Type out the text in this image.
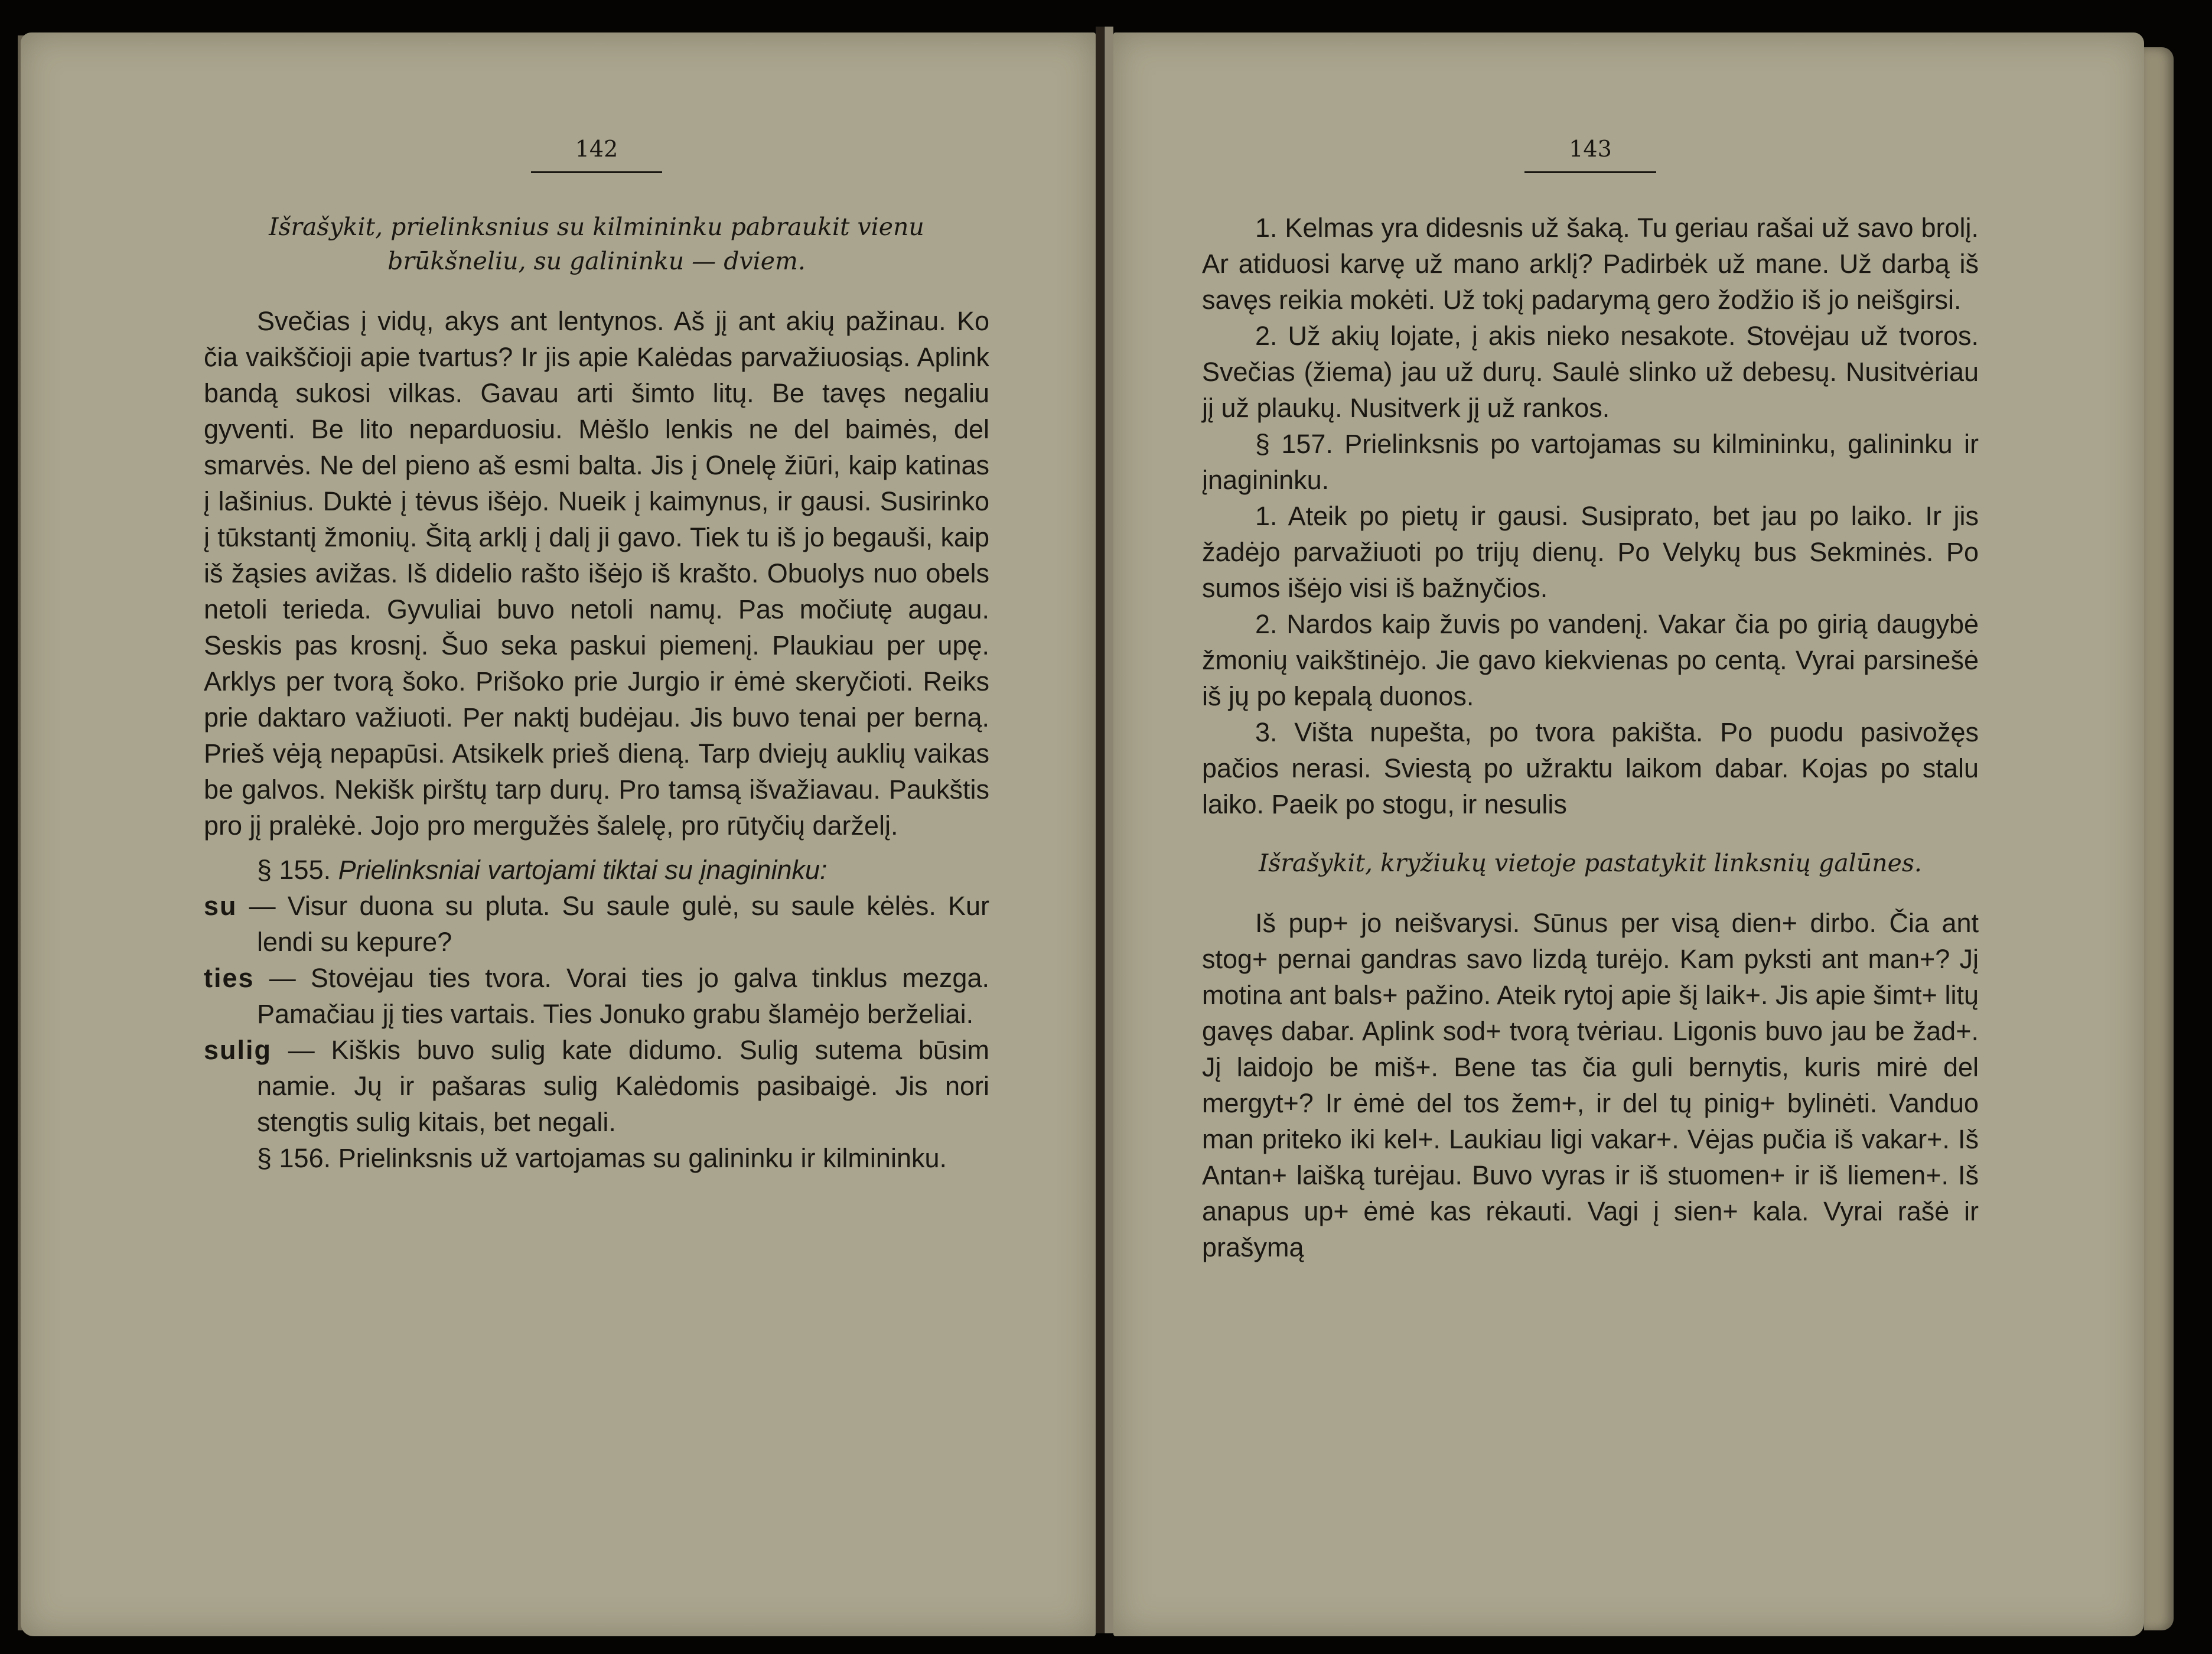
142
Išrašykit, prielinksnius su kilmininku pabraukit vienu brūkšneliu, su galininku — dviem.

Svečias į vidų, akys ant lentynos. Aš jį ant akių pažinau. Ko čia vaikščioji apie tvartus? Ir jis apie Kalėdas parvažiuosiąs. Aplink bandą sukosi vilkas. Gavau arti šimto litų. Be tavęs negaliu gyventi. Be lito neparduosiu. Mėšlo lenkis ne del baimės, del smarvės. Ne del pieno aš esmi balta. Jis į Onelę žiūri, kaip katinas į lašinius. Duktė į tėvus išėjo. Nueik į kaimynus, ir gausi. Susirinko į tūkstantį žmonių. Šitą arklį į dalį ji gavo. Tiek tu iš jo begauši, kaip iš žąsies avižas. Iš didelio rašto išėjo iš krašto. Obuolys nuo obels netoli terieda. Gyvuliai buvo netoli namų. Pas močiutę augau. Seskis pas krosnį. Šuo seka paskui piemenį. Plaukiau per upę. Arklys per tvorą šoko. Prišoko prie Jurgio ir ėmė skeryčioti. Reiks prie daktaro važiuoti. Per naktį budėjau. Jis buvo tenai per berną. Prieš vėją nepapūsi. Atsikelk prieš dieną. Tarp dviejų auklių vaikas be galvos. Nekišk pirštų tarp durų. Pro tamsą išvažiavau. Paukštis pro jį pralėkė. Jojo pro mergužės šalelę, pro rūtyčių darželį.

§ 155. Prielinksniai vartojami tiktai su įnagininku:

su — Visur duona su pluta. Su saule gulė, su saule kėlės. Kur lendi su kepure?

ties — Stovėjau ties tvora. Vorai ties jo galva tinklus mezga. Pamačiau jį ties vartais. Ties Jonuko grabu šlamėjo berželiai.

sulig — Kiškis buvo sulig kate didumo. Sulig sutema būsim namie. Jų ir pašaras sulig Kalėdomis pasibaigė. Jis nori stengtis sulig kitais, bet negali.

§ 156. Prielinksnis už vartojamas su galininku ir kilmininku.

143

1. Kelmas yra didesnis už šaką. Tu geriau rašai už savo brolį. Ar atiduosi karvę už mano arklį? Padirbėk už mane. Už darbą iš savęs reikia mokėti. Už tokį padarymą gero žodžio iš jo neišgirsi.

2. Už akių lojate, į akis nieko nesakote. Stovėjau už tvoros. Svečias (žiema) jau už durų. Saulė slinko už debesų. Nusitvėriau jį už plaukų. Nusitverk jį už rankos.

§ 157. Prielinksnis po vartojamas su kilmininku, galininku ir įnagininku.

1. Ateik po pietų ir gausi. Susiprato, bet jau po laiko. Ir jis žadėjo parvažiuoti po trijų dienų. Po Velykų bus Sekminės. Po sumos išėjo visi iš bažnyčios.

2. Nardos kaip žuvis po vandenį. Vakar čia po girią daugybė žmonių vaikštinėjo. Jie gavo kiekvienas po centą. Vyrai parsinešė iš jų po kepalą duonos.

3. Višta nupešta, po tvora pakišta. Po puodu pasivožęs pačios nerasi. Sviestą po užraktu laikom dabar. Kojas po stalu laiko. Paeik po stogu, ir nesulis

Išrašykit, kryžiukų vietoje pastatykit linksnių galūnes.

Iš pup+ jo neišvarysi. Sūnus per visą dien+ dirbo. Čia ant stog+ pernai gandras savo lizdą turėjo. Kam pyksti ant man+? Jį motina ant bals+ pažino. Ateik rytoj apie šį laik+. Jis apie šimt+ litų gavęs dabar. Aplink sod+ tvorą tvėriau. Ligonis buvo jau be žad+. Jį laidojo be miš+. Bene tas čia guli bernytis, kuris mirė del mergyt+? Ir ėmė del tos žem+, ir del tų pinig+ bylinėti. Vanduo man priteko iki kel+. Laukiau ligi vakar+. Vėjas pučia iš vakar+. Iš Antan+ laišką turėjau. Buvo vyras ir iš stuomen+ ir iš liemen+. Iš anapus up+ ėmė kas rėkauti. Vagi į sien+ kala. Vyrai rašė ir prašymą
